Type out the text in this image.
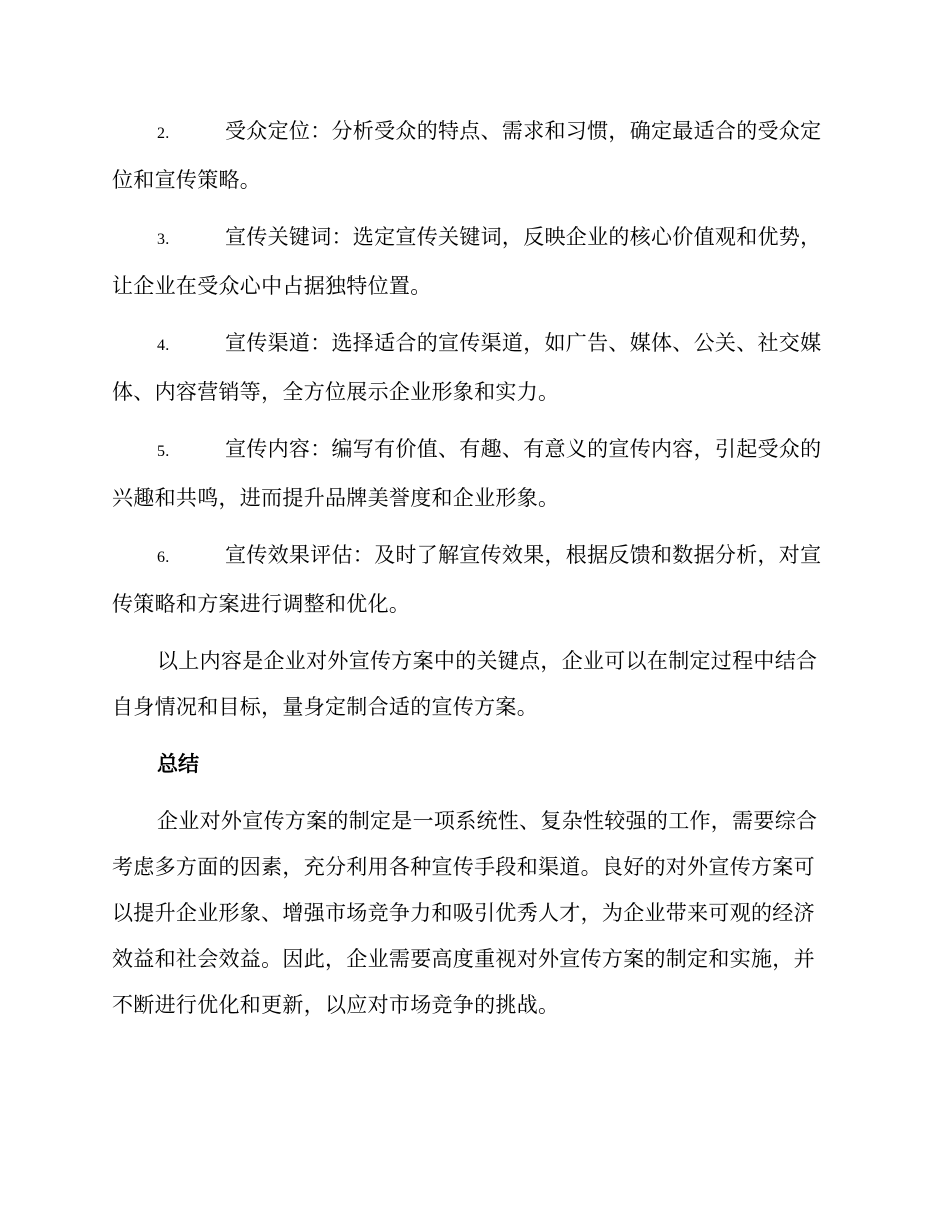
2.	受众定位：分析受众的特点、需求和习惯，确定最适合的受众定位和宣传策略。

3.	宣传关键词：选定宣传关键词，反映企业的核心价值观和优势，让企业在受众心中占据独特位置。

4.	宣传渠道：选择适合的宣传渠道，如广告、媒体、公关、社交媒体、内容营销等，全方位展示企业形象和实力。

5.	宣传内容：编写有价值、有趣、有意义的宣传内容，引起受众的兴趣和共鸣，进而提升品牌美誉度和企业形象。

6.	宣传效果评估：及时了解宣传效果，根据反馈和数据分析，对宣传策略和方案进行调整和优化。

以上内容是企业对外宣传方案中的关键点，企业可以在制定过程中结合自身情况和目标，量身定制合适的宣传方案。

总结

企业对外宣传方案的制定是一项系统性、复杂性较强的工作，需要综合考虑多方面的因素，充分利用各种宣传手段和渠道。良好的对外宣传方案可以提升企业形象、增强市场竞争力和吸引优秀人才，为企业带来可观的经济效益和社会效益。因此，企业需要高度重视对外宣传方案的制定和实施，并不断进行优化和更新，以应对市场竞争的挑战。
